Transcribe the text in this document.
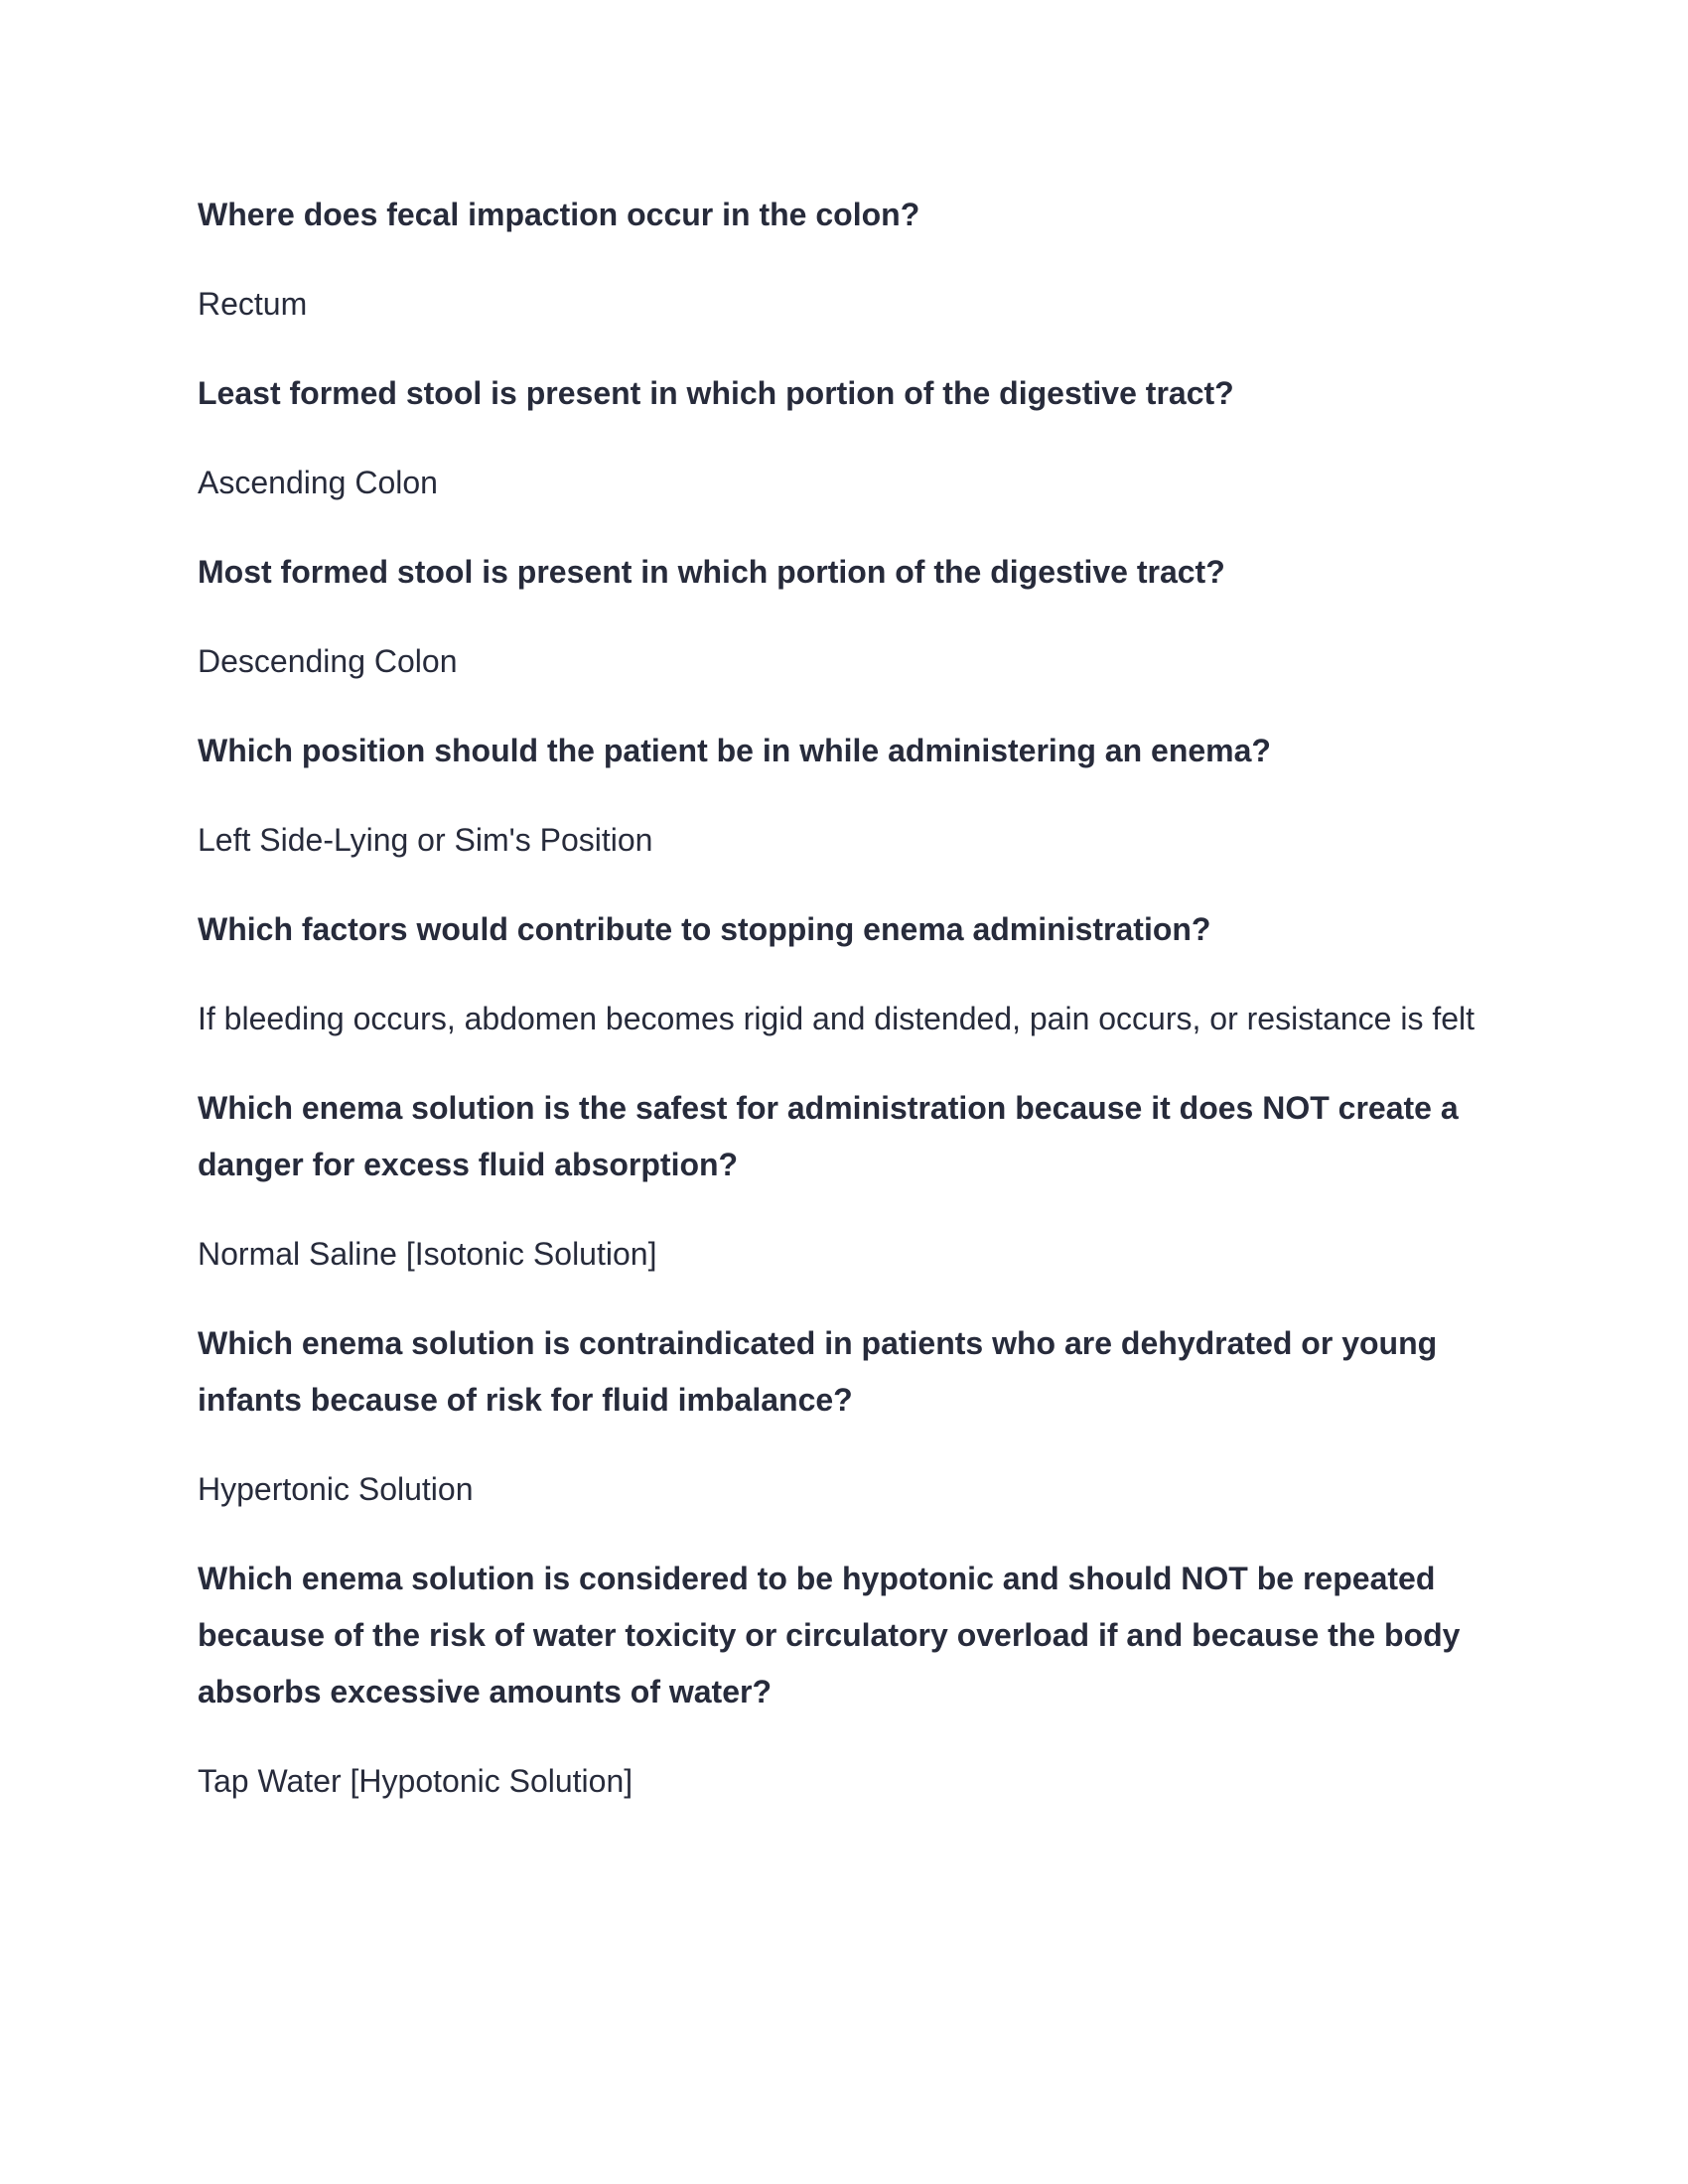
Where does fecal impaction occur in the colon?

Rectum

Least formed stool is present in which portion of the digestive tract?

Ascending Colon

Most formed stool is present in which portion of the digestive tract?

Descending Colon

Which position should the patient be in while administering an enema?

Left Side-Lying or Sim's Position

Which factors would contribute to stopping enema administration?

If bleeding occurs, abdomen becomes rigid and distended, pain occurs, or resistance is felt

Which enema solution is the safest for administration because it does NOT create a danger for excess fluid absorption?

Normal Saline [Isotonic Solution]

Which enema solution is contraindicated in patients who are dehydrated or young infants because of risk for fluid imbalance?

Hypertonic Solution

Which enema solution is considered to be hypotonic and should NOT be repeated because of the risk of water toxicity or circulatory overload if and because the body absorbs excessive amounts of water?

Tap Water [Hypotonic Solution]
